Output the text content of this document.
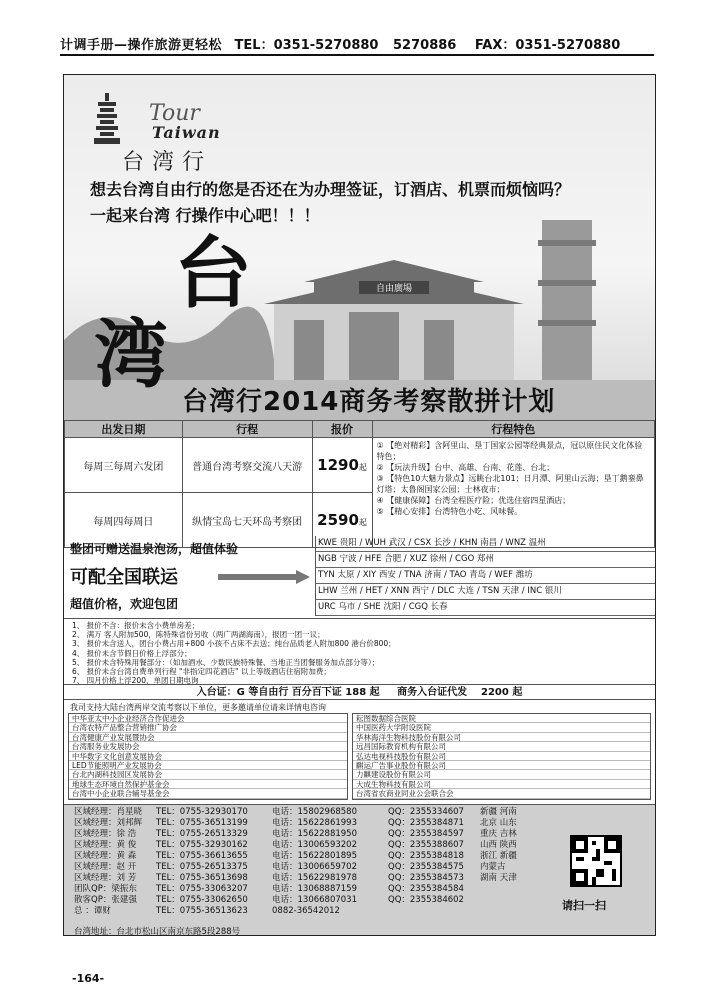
计调手册—操作旅游更轻松 TEL：0351-5270880 5270886 FAX：0351-5270880
自由廣場
台
湾
Tour
Taiwan
台湾行
想去台湾自由行的您是否还在为办理签证，订酒店、机票而烦恼吗？
一起来台湾 行操作中心吧！！！
台湾行2014商务考察散拼计划
出发日期	行程	报价	行程特色
每周三每周六发团	普通台湾考察交流八天游	1290起	① 【绝对精彩】含阿里山、垦丁国家公园等经典景点，冠以原住民文化体验特色；
② 【玩法升级】台中、高雄、台南、花莲、台北；
③ 【特色10大魅力景点】远眺台北101；日月潭、阿里山云海；垦丁鹅銮鼻灯塔；太鲁阁国家公园；士林夜市；
④ 【健康保障】台湾全程医疗险；优选住宿四星酒店；
⑤ 【精心安排】台湾特色小吃、风味餐。

每周四每周日	纵情宝岛七天环岛考察团	2590起	
整团可赠送温泉泡汤，超值体验
可配全国联运
超值价格，欢迎包团
KWE 贵阳 / WUH 武汉 / CSX 长沙 / KHN 南昌 / WNZ 温州
NGB 宁波 / HFE 合肥 / XUZ 徐州 / CGO 郑州
TYN 太原 / XIY 西安 / TNA 济南 / TAO 青岛 / WEF 潍坊
LHW 兰州 / HET / XNN 西宁 / DLC 大连 / TSN 天津 / INC 银川
URC 乌市 / SHE 沈阳 / CGQ 长春
1、 报价不含：报价未含小费单房差；
2、 满万 客人附加500，陈特殊省份另收（两广两湖海南），报团一团一议；
3、 报价未含送人，团台小费占用+800 小孩不占床不去送；纯台品质老人附加800 港台价800；
4、 报价未含节假日价格上浮部分；
5、 报价未含特殊用餐部分：（如加酒水、少数民族特殊餐、当地正当团餐服务加点部分等）；
6、 报价未含台湾自费单列行程 "非指定四花酒店" 以上等级酒店住宿附加费；
7、 四月价格上浮200，单团日期电询
入台证：G 等自由行 百分百下证 188 起 商务入台证代发 2200 起
我司支持大陆台湾两岸交流考察以下单位，更多邀请单位请来详情电咨询
中华亚太中小企业经济合作促进会
台湾农特产品整合营销推广协会
台湾健康产业发展暨协会
台湾服务业发展协会
中华数字文化创意发展协会
LED节能照明产业发展协会
台北内湖科技园区发展协会
地球生态环境自然保护基金会
台湾中小企业联合辅导基金会
耘图数据综合医院
中国医药大学附设医院
华林海洋生物科技股份有限公司
远昌国际教育机构有限公司
弘达电视科技股份有限公司
麒运广告事业股份有限公司
力麒建设股份有限公司
大成生物科技有限公司
台湾省农商业同业公会联合会
区域经理：肖星晓 TEL：0755-32930170	电话：15802968580	QQ：2355334607 新疆 河南
区域经理：刘邦辉 TEL：0755-36513199	电话：15622861993	QQ：2355384871 北京 山东
区域经理：徐 浩 TEL：0755-26513329	电话：15622881950	QQ：2355384597 重庆 吉林
区域经理：黄 俊 TEL：0755-32930162	电话：13006593202	QQ：2355388607 山西 陕西
区域经理：黄 森 TEL：0755-36613655	电话：15622801895	QQ：2355384818 浙江 新疆
区域经理：赵 开 TEL：0755-26513375	电话：13006659702	QQ：2355384575 内蒙古
区域经理：刘 芳 TEL：0755-36513698	电话：15622981978	QQ：2355384573 湖南 天津
团队QP：梁振东 TEL：0755-33063207	电话：13068887159	QQ：2355384584
散客QP：张建强 TEL：0755-33062650	电话：13066807031	QQ：2355384602
总 ：谭财	TEL：0755-36513623	0882-36542012
台湾地址：台北市松山区南京东路5段288号
请扫一扫
-164-
